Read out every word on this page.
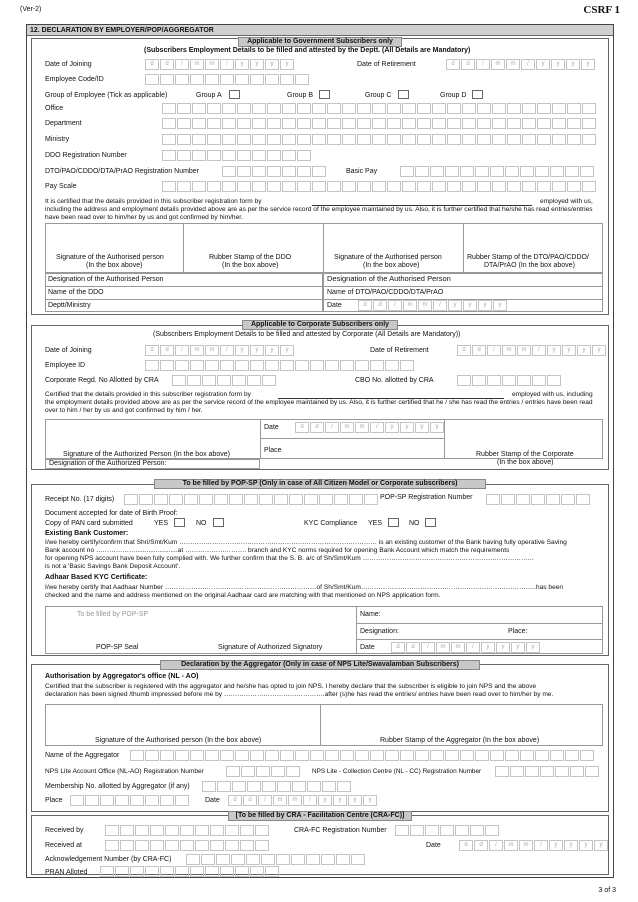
(Ver-2)	CSRF 1
12. DECLARATION BY EMPLOYER/POP/AGGREGATOR
Applicable to Government Subscribers only
(Subscribers Employment Details to be filled and attested by the Deptt. (All Details are Mandatory)
Date of Joining	d	d	/	m	m	/	y	y	y	y	Date of Retirement	d	d	/	m	m	/	y	y	y	y
Employee Code/ID
Group of Employee (Tick as applicable)	Group A	Group B	Group C	Group D
Office
Department
Ministry
DDO Registration Number
DTO/PAO/CDDO/DTA/PrAO Registration Number	Basic Pay
Pay Scale
It is certified that the details provided in this subscriber registration form by	employed with us,
including the address and employment details provided above are as per the service record of the employee maintained by us. Also, it is further certified that he/she has read entries/entries have been read over to him/her by us and got confirmed by him/her.
Signature of the Authorised person
(In the box above)
Rubber Stamp of the DDO
(In the box above)
Signature of the Authorised person
(In the box above)
Rubber Stamp of the DTO/PAO/CDDO/
DTA/PrAO (In the box above)
Designation of the Authorised Person
Name of the DDO
Deptt/Ministry
Designation of the Authorised Person
Name of DTO/PAO/CDDO/DTA/PrAO
Date	d	d	/	m	m	/	y	y	y	y
Applicable to Corporate Subscribers only
(Subscribers Employment Details to be filled and attested by Corporate (All Details are Mandatory))
Date of Joining	d	d	/	m	m	/	y	y	y	y	Date of Retirement	d	d	/	m	m	/	y	y	y	y
Employee ID
Corporate Regd. No Allotted by CRA	CBO No. allotted by CRA
Certified that the details provided in this subscriber registration form by	employed with us, including
the employment details provided above are as per the service record of the employee maintained by us. Also, it is further certified that he / she has read the entries / entries have been read over to him / her by us and got confirmed by him / her.
Date	d	d	/	m	m	/	y	y	y	y
Place
Signature of the Authorized Person (In the box above)	Rubber Stamp of the Corporate
(In the box above)
Designation of the Authorized Person:
To be filled by POP-SP (Only in case of All Citizen Model or Corporate subscribers)
Receipt No. (17 digits)	POP-SP Registration Number
Document accepted for date of Birth Proof:
Copy of PAN card submitted	YES	NO	KYC Compliance YES	NO
Existing Bank Customer:
I/we hereby certify/confirm that Shri/Smt/Kum ……………………………………………………………………………… is an existing customer of the Bank having fully operative Saving
Bank account no ……………….......................at ………………………. branch and KYC norms required for opening Bank Account which match the requirements
for opening NPS account have been fully complied with. We further confirm that the S. B. a/c of Sh/Smt/Kum ……………………………………………………………………
is not a 'Basic Savings Bank Deposit Account'.
Adhaar Based KYC Certificate:
I/we hereby certify that Aadhaar Number ……………………………………………………………of Sh/Smt/Kum……………………………………………………………………..has been
checked and the name and address mentioned on the original Aadhaar card are matching with that mentioned on NPS application form.
To be filled by POP-SP	Name:
Designation:	Place:
POP-SP Seal	Signature of Authorized Signatory	Date	d	d	/	m	m	/	y	y	y	y
Declaration by the Aggregator (Only in case of NPS Lite/Swavalamban Subscribers)
Authorisation by Aggregator's office (NL - AO)
Certified that the subscriber is registered with the aggregator and he/she has opted to join NPS. I hereby declare that the subscriber is eligible to join NPS and the above
declaration has been signed /thumb impressed before me by ……………………………………….after (s)he has read the entries/ entries have been read over to him/her by me.
Signature of the Authorised person (In the box above)	Rubber Stamp of the Aggregator (In the box above)
Name of the Aggregator
NPS Lite Account Office (NL-AO) Registration Number	NPS Lite - Collection Centre (NL - CC) Registration Number
Membership No. allotted by Aggregator (if any)
Place	Date	d	d	/	m	m	/	y	y	y	y
[To be filled by CRA - Facilitation Centre (CRA-FC)]
Received by	CRA-FC Registration Number
Received at	Date	d	d	/	m	m	/	y	y	y	y
Acknowledgement Number (by CRA-FC)
PRAN Alloted
3 of 3
